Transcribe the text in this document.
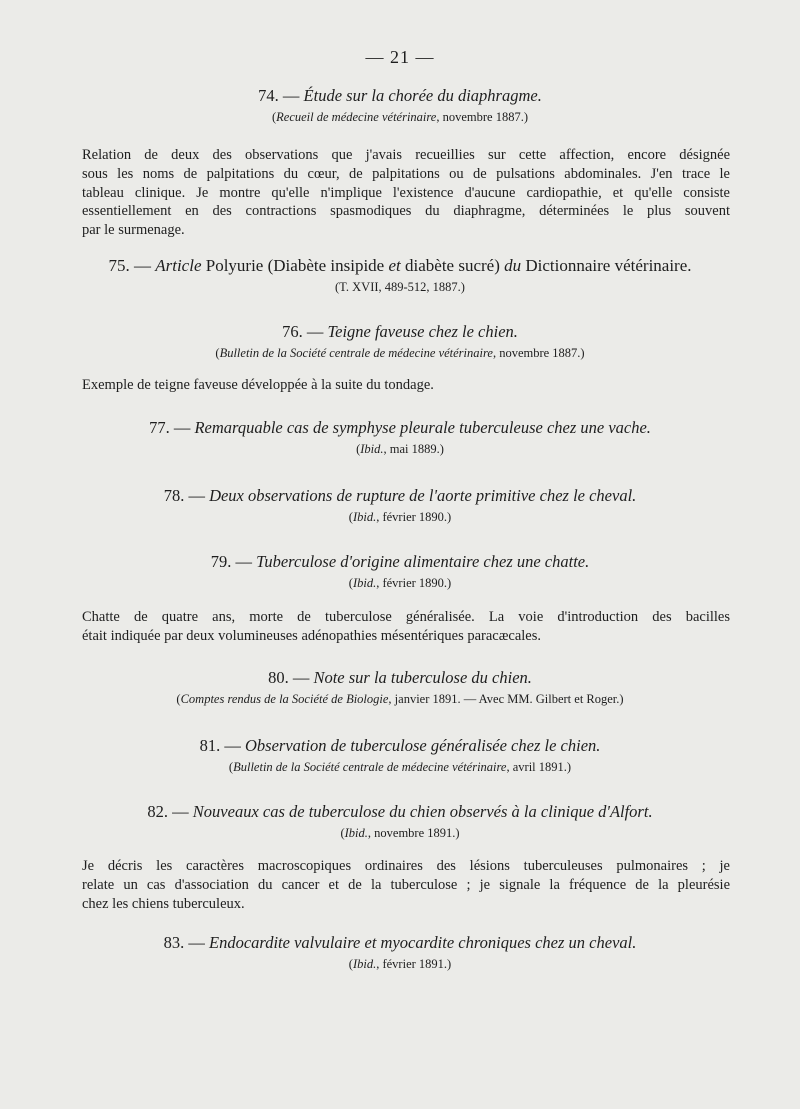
— 21 —
74. — Étude sur la chorée du diaphragme.
(Recueil de médecine vétérinaire, novembre 1887.)
Relation de deux des observations que j'avais recueillies sur cette affection, encore désignée
sous les noms de palpitations du cœur, de palpitations ou de pulsations abdominales. J'en trace le
tableau clinique. Je montre qu'elle n'implique l'existence d'aucune cardiopathie, et qu'elle consiste
essentiellement en des contractions spasmodiques du diaphragme, déterminées le plus souvent
par le surmenage.
75. — Article Polyurie (Diabète insipide et diabète sucré) du Dictionnaire vétérinaire.
(T. XVII, 489-512, 1887.)
76. — Teigne faveuse chez le chien.
(Bulletin de la Société centrale de médecine vétérinaire, novembre 1887.)
Exemple de teigne faveuse développée à la suite du tondage.
77. — Remarquable cas de symphyse pleurale tuberculeuse chez une vache.
(Ibid., mai 1889.)
78. — Deux observations de rupture de l'aorte primitive chez le cheval.
(Ibid., février 1890.)
79. — Tuberculose d'origine alimentaire chez une chatte.
(Ibid., février 1890.)
Chatte de quatre ans, morte de tuberculose généralisée. La voie d'introduction des bacilles
était indiquée par deux volumineuses adénopathies mésentériques paracæcales.
80. — Note sur la tuberculose du chien.
(Comptes rendus de la Société de Biologie, janvier 1891. — Avec MM. Gilbert et Roger.)
81. — Observation de tuberculose généralisée chez le chien.
(Bulletin de la Société centrale de médecine vétérinaire, avril 1891.)
82. — Nouveaux cas de tuberculose du chien observés à la clinique d'Alfort.
(Ibid., novembre 1891.)
Je décris les caractères macroscopiques ordinaires des lésions tuberculeuses pulmonaires ; je
relate un cas d'association du cancer et de la tuberculose ; je signale la fréquence de la pleurésie
chez les chiens tuberculeux.
83. — Endocardite valvulaire et myocardite chroniques chez un cheval.
(Ibid., février 1891.)
